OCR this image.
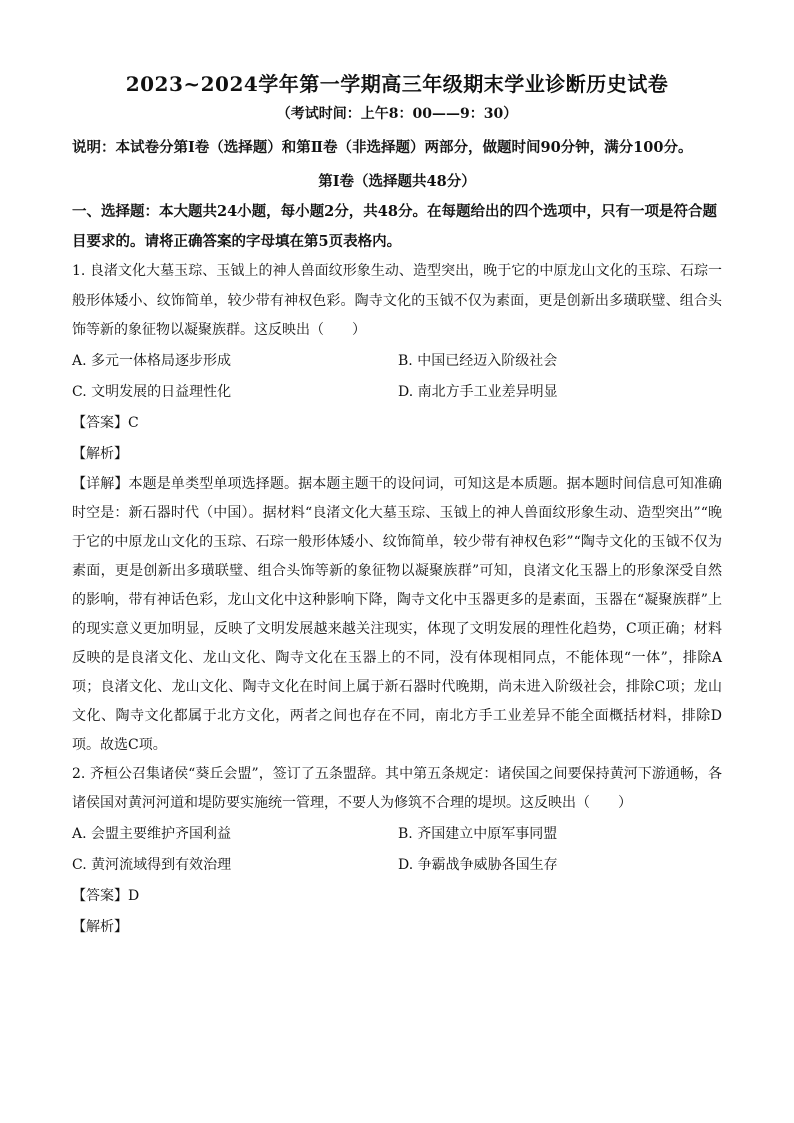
2023~2024学年第一学期高三年级期末学业诊断历史试卷
（考试时间：上午8：00——9：30）

说明：本试卷分第Ⅰ卷（选择题）和第Ⅱ卷（非选择题）两部分，做题时间90分钟，满分100分。

第Ⅰ卷（选择题共48分）

一、选择题：本大题共24小题，每小题2分，共48分。在每题给出的四个选项中，只有一项是符合题目要求的。请将正确答案的字母填在第5页表格内。

1. 良渚文化大墓玉琮、玉钺上的神人兽面纹形象生动、造型突出，晚于它的中原龙山文化的玉琮、石琮一般形体矮小、纹饰简单，较少带有神权色彩。陶寺文化的玉钺不仅为素面，更是创新出多璜联璧、组合头饰等新的象征物以凝聚族群。这反映出（　　）

A. 多元一体格局逐步形成	B. 中国已经迈入阶级社会
C. 文明发展的日益理性化	D. 南北方手工业差异明显

【答案】C

【解析】

【详解】本题是单类型单项选择题。据本题主题干的设问词，可知这是本质题。据本题时间信息可知准确时空是：新石器时代（中国）。据材料“良渚文化大墓玉琮、玉钺上的神人兽面纹形象生动、造型突出”“晚于它的中原龙山文化的玉琮、石琮一般形体矮小、纹饰简单，较少带有神权色彩”“陶寺文化的玉钺不仅为素面，更是创新出多璜联璧、组合头饰等新的象征物以凝聚族群”可知，良渚文化玉器上的形象深受自然的影响，带有神话色彩，龙山文化中这种影响下降，陶寺文化中玉器更多的是素面，玉器在“凝聚族群”上的现实意义更加明显，反映了文明发展越来越关注现实，体现了文明发展的理性化趋势，C项正确；材料反映的是良渚文化、龙山文化、陶寺文化在玉器上的不同，没有体现相同点，不能体现“一体”，排除A项；良渚文化、龙山文化、陶寺文化在时间上属于新石器时代晚期，尚未进入阶级社会，排除C项；龙山文化、陶寺文化都属于北方文化，两者之间也存在不同，南北方手工业差异不能全面概括材料，排除D项。故选C项。

2. 齐桓公召集诸侯“葵丘会盟”，签订了五条盟辞。其中第五条规定：诸侯国之间要保持黄河下游通畅，各诸侯国对黄河河道和堤防要实施统一管理，不要人为修筑不合理的堤坝。这反映出（　　）

A. 会盟主要维护齐国利益	B. 齐国建立中原军事同盟
C. 黄河流域得到有效治理	D. 争霸战争威胁各国生存

【答案】D

【解析】
